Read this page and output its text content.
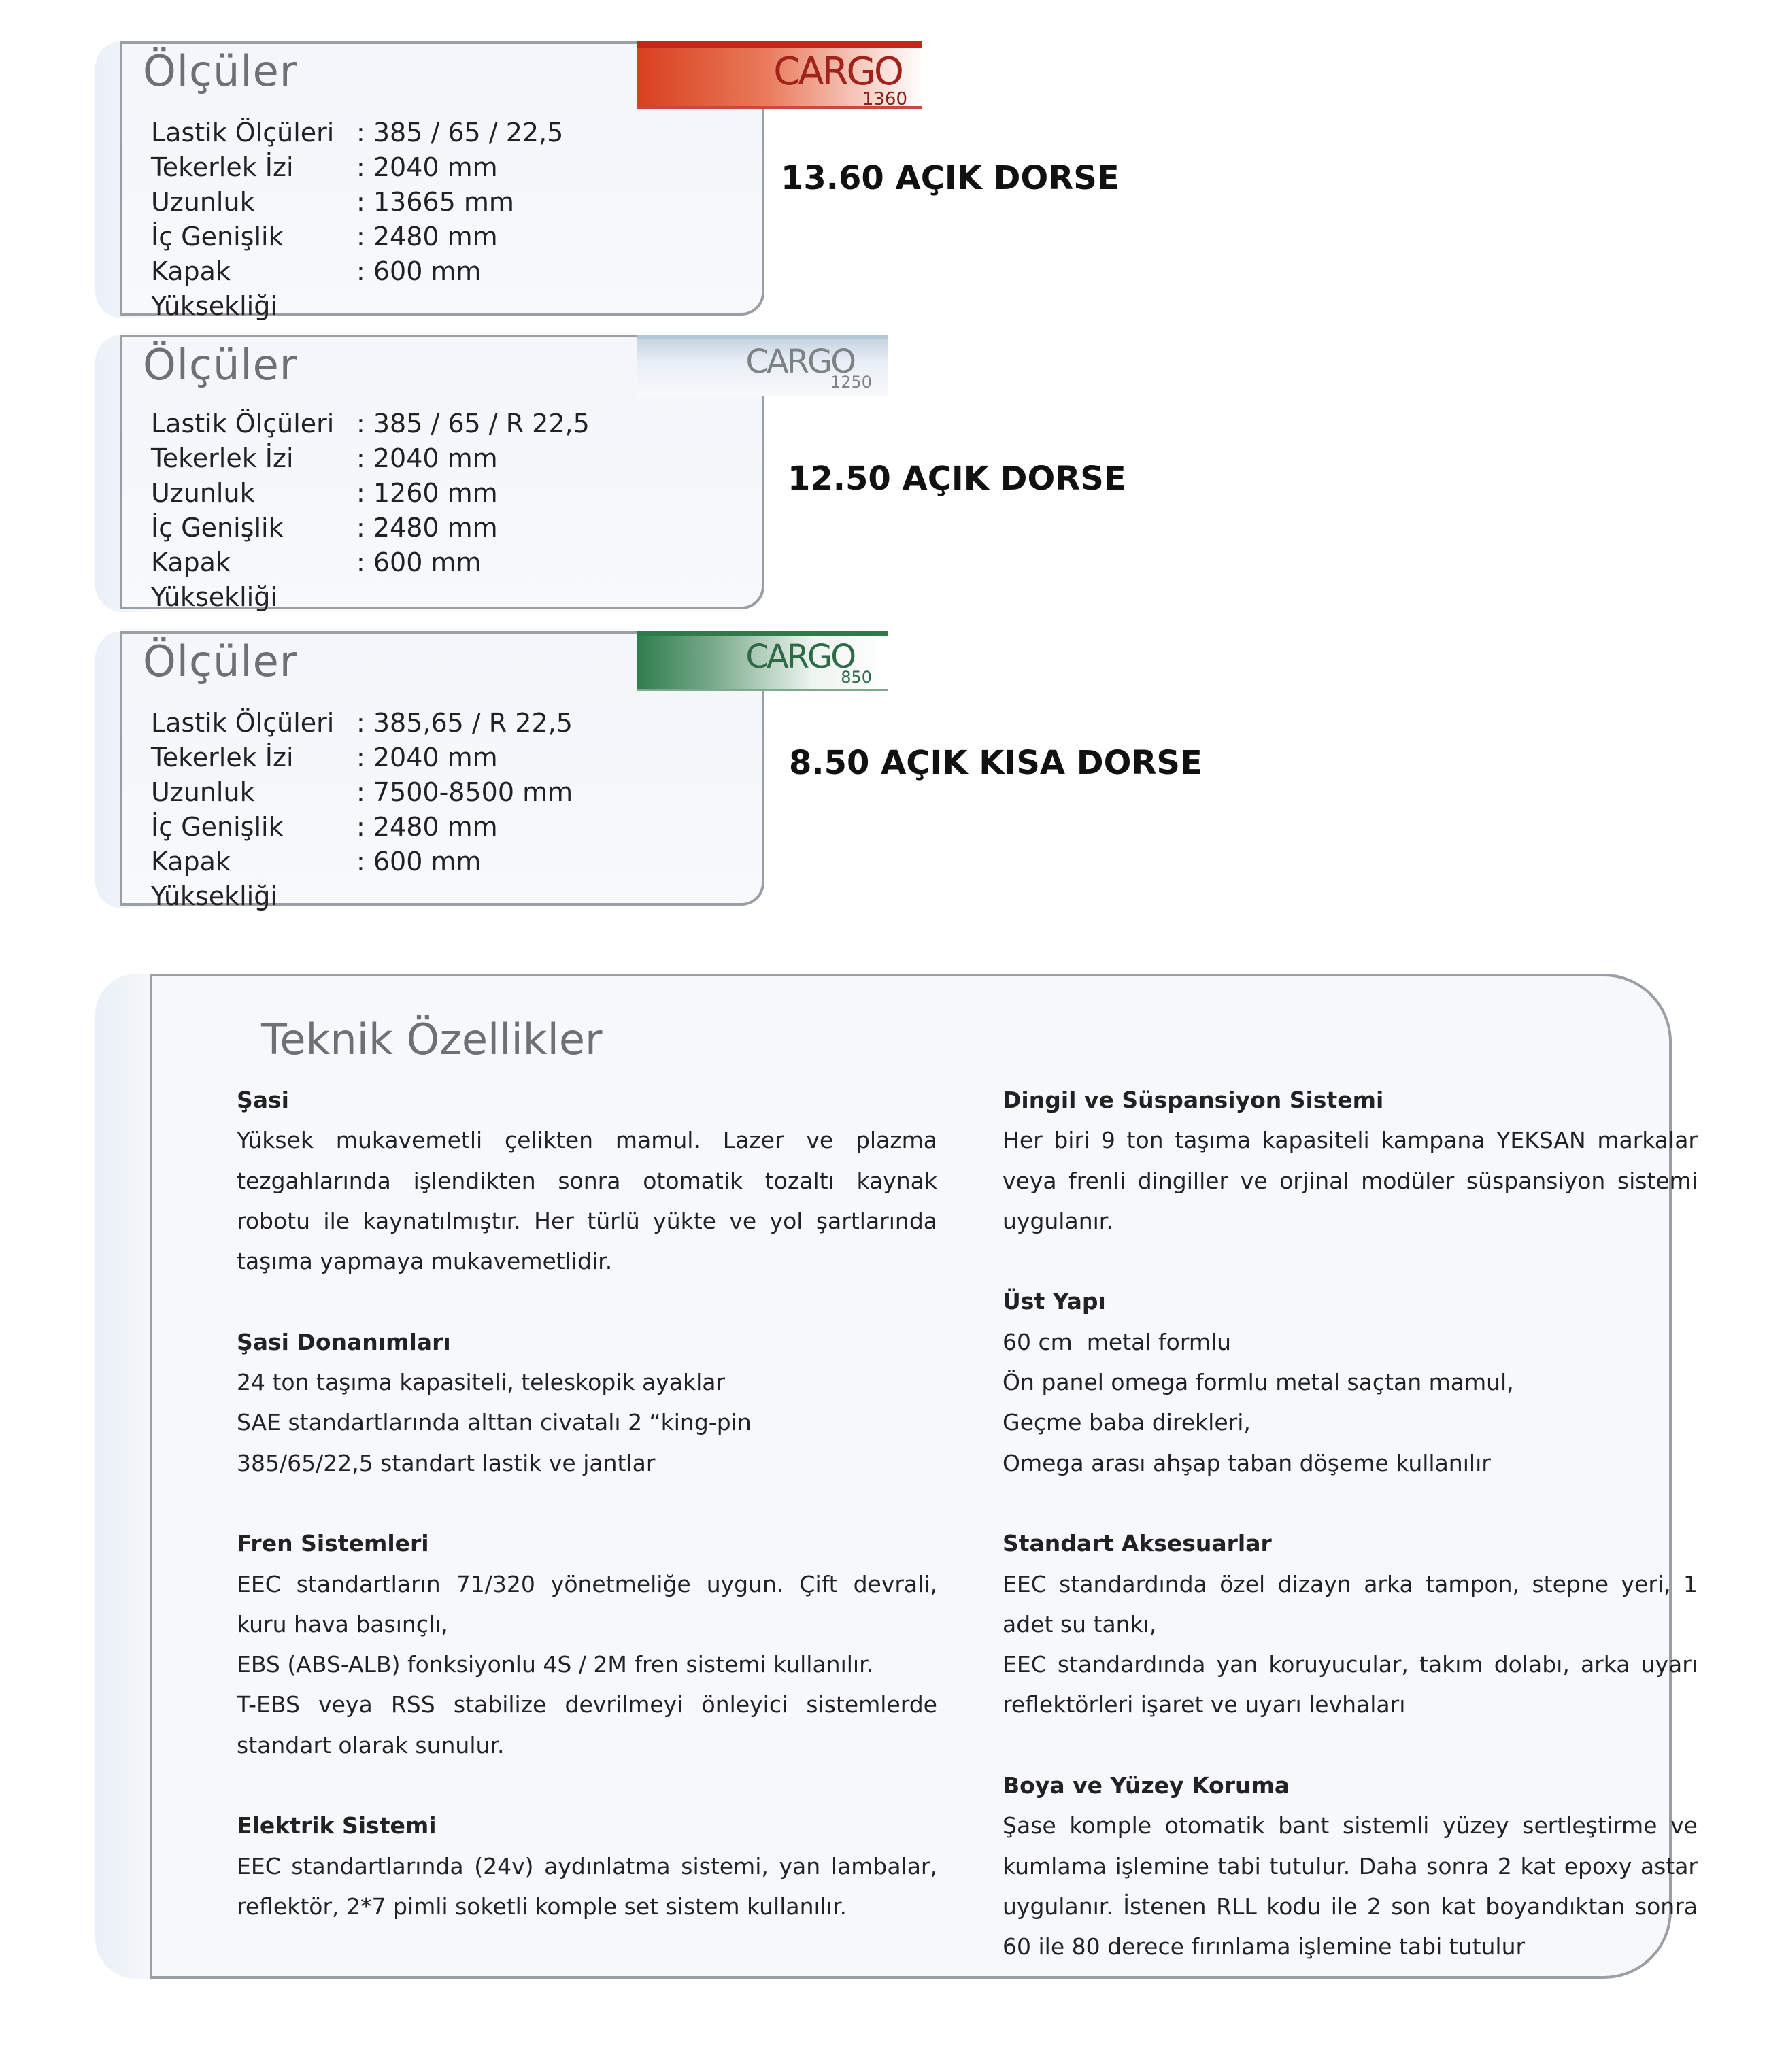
Ölçüler	CARGO
1360
Lastik Ölçüleri : 385 / 65 / 22,5
Tekerlek İzi	: 2040 mm
Uzunluk	: 13665 mm
İç Genişlik	: 2480 mm
Kapak Yüksekliği
: 600 mm
13.60 AÇIK DORSE
Ölçüler	CARGO
1250
Lastik Ölçüleri : 385 / 65 / R 22,5
Tekerlek İzi	: 2040 mm
Uzunluk	: 1260 mm
İç Genişlik	: 2480 mm
Kapak Yüksekliği
: 600 mm
12.50 AÇIK DORSE
Ölçüler	CARGO
850
Lastik Ölçüleri : 385,65 / R 22,5
Tekerlek İzi	: 2040 mm
Uzunluk	: 7500-8500 mm
İç Genişlik	: 2480 mm
Kapak Yüksekliği
: 600 mm
8.50 AÇIK KISA DORSE
Teknik Özellikler
Şasi
Yüksek mukavemetli çelikten mamul. Lazer ve plazma tezgahlarında işlendikten sonra otomatik tozaltı kaynak robotu ile kaynatılmıştır. Her türlü yükte ve yol şartlarında taşıma yapmaya mukavemetlidir.
Şasi Donanımları
24 ton taşıma kapasiteli, teleskopik ayaklar
SAE standartlarında alttan civatalı 2 “king-pin
385/65/22,5 standart lastik ve jantlar
Fren Sistemleri
EEC standartların 71/320 yönetmeliğe uygun. Çift devrali, kuru hava basınçlı,
EBS (ABS-ALB) fonksiyonlu 4S / 2M fren sistemi kullanılır.
T-EBS veya RSS stabilize devrilmeyi önleyici sistemlerde standart olarak sunulur.
Elektrik Sistemi
EEC standartlarında (24v) aydınlatma sistemi, yan lambalar, reflektör, 2*7 pimli soketli komple set sistem kullanılır.
Dingil ve Süspansiyon Sistemi
Her biri 9 ton taşıma kapasiteli kampana YEKSAN markalar veya frenli dingiller ve orjinal modüler süspansiyon sistemi uygulanır.
Üst Yapı
60 cm  metal formlu
Ön panel omega formlu metal saçtan mamul,
Geçme baba direkleri,
Omega arası ahşap taban döşeme kullanılır
Standart Aksesuarlar
EEC standardında özel dizayn arka tampon, stepne yeri, 1 adet su tankı,
EEC standardında yan koruyucular, takım dolabı, arka uyarı reflektörleri işaret ve uyarı levhaları
Boya ve Yüzey Koruma
Şase komple otomatik bant sistemli yüzey sertleştirme ve kumlama işlemine tabi tutulur. Daha sonra 2 kat epoxy astar uygulanır. İstenen RLL kodu ile 2 son kat boyandıktan sonra 60 ile 80 derece fırınlama işlemine tabi tutulur
